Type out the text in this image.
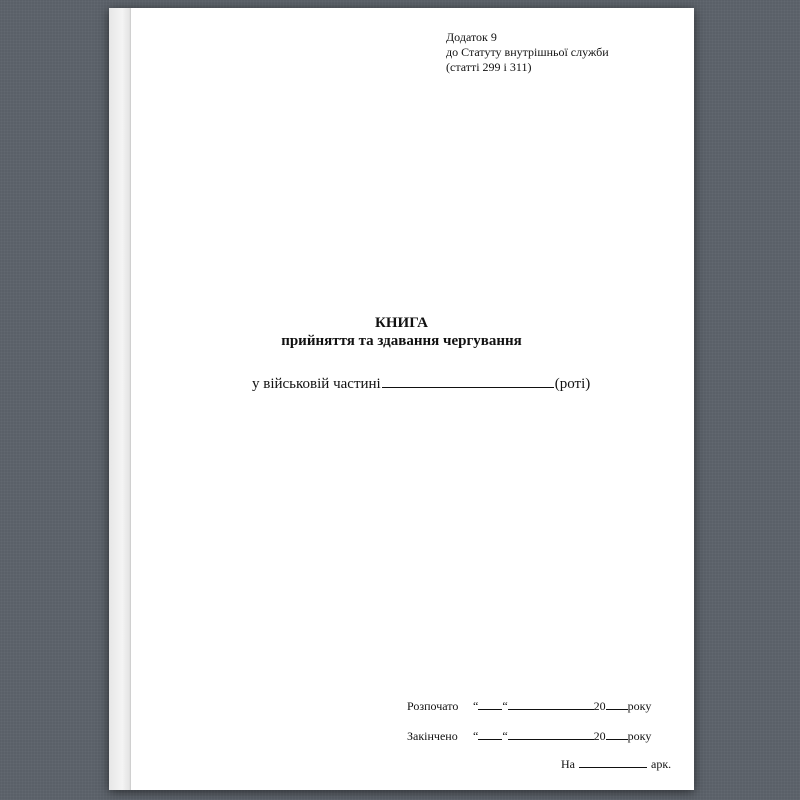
Додаток 9
до Статуту внутрішньої служби
(статті 299 і 311)
КНИГА
прийняття та здавання чергування
у військовій частині	(роті)
Розпочато “ “	20 року
Закінчено “ “	20 року
На	арк.
